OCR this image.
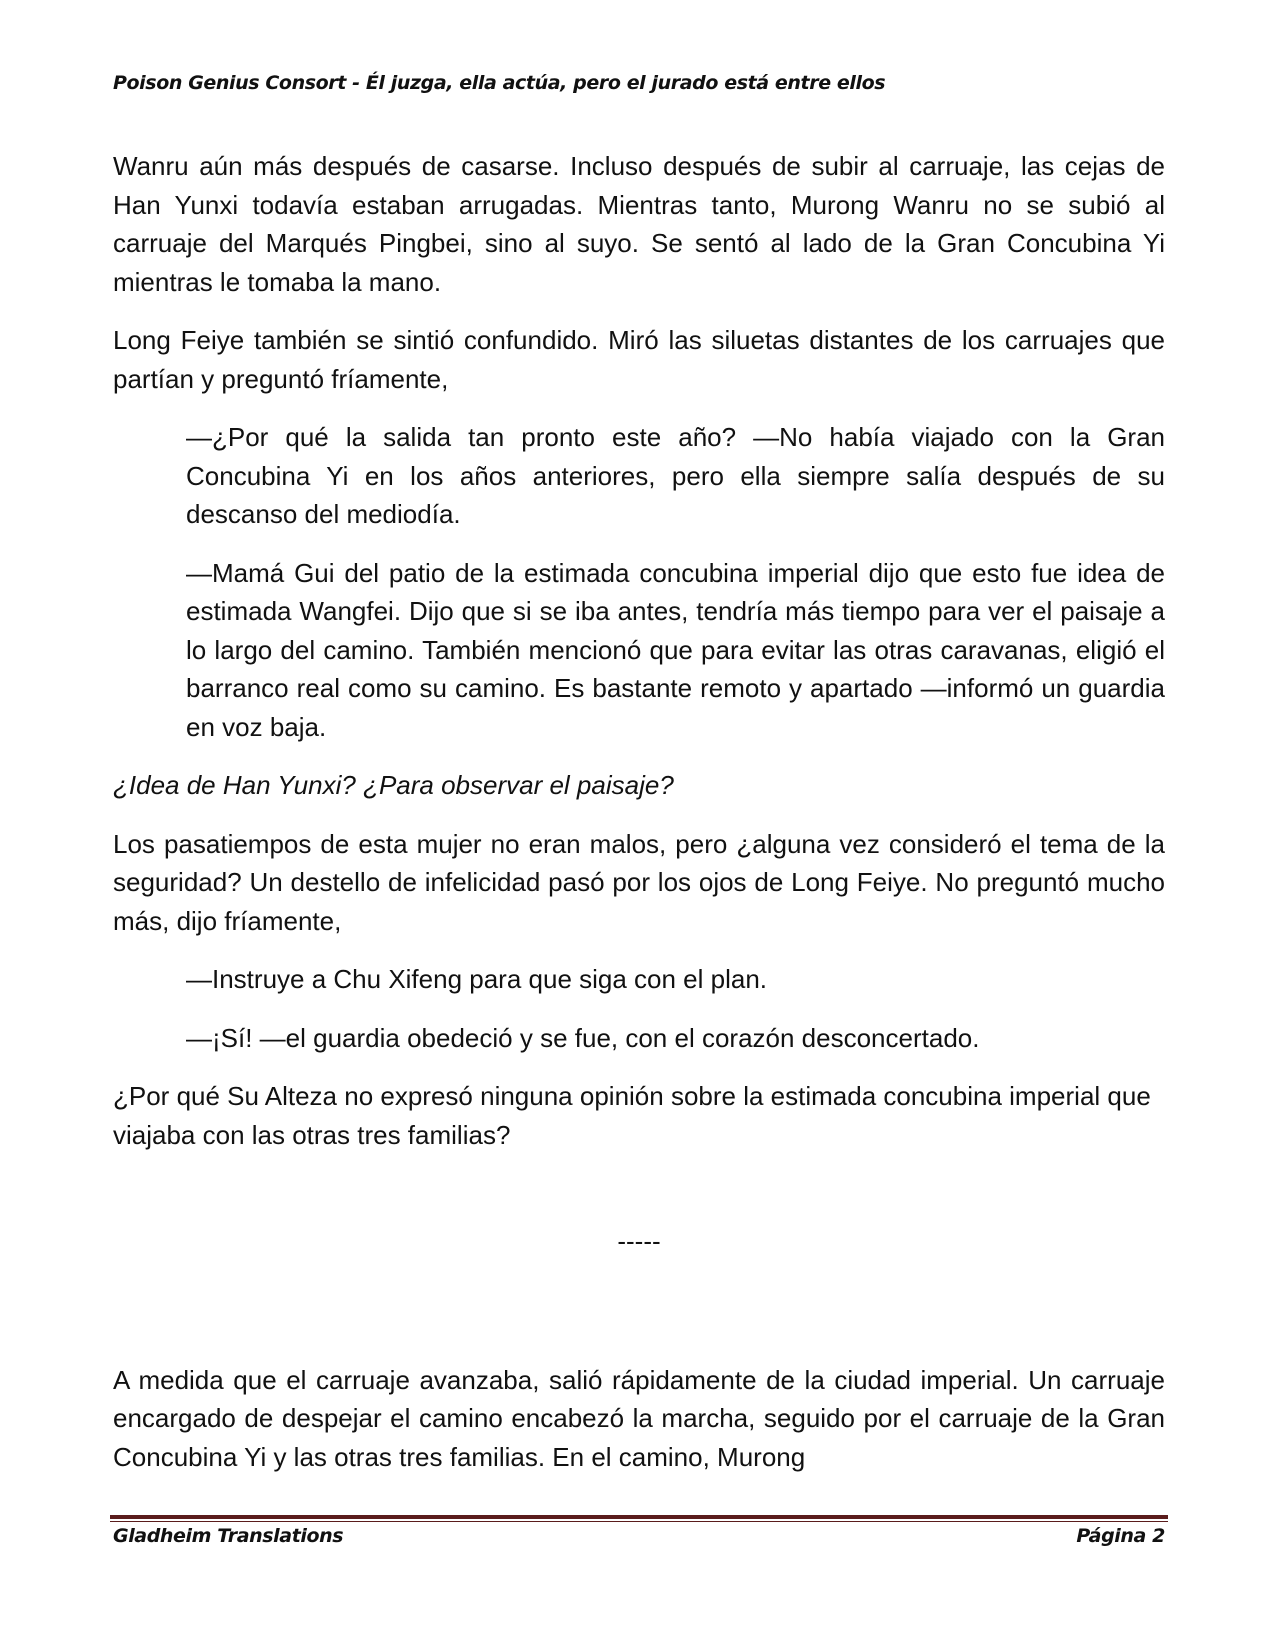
Poison Genius Consort - Él juzga, ella actúa, pero el jurado está entre ellos

Wanru aún más después de casarse. Incluso después de subir al carruaje, las cejas de Han Yunxi todavía estaban arrugadas. Mientras tanto, Murong Wanru no se subió al carruaje del Marqués Pingbei, sino al suyo. Se sentó al lado de la Gran Concubina Yi mientras le tomaba la mano.

Long Feiye también se sintió confundido. Miró las siluetas distantes de los carruajes que partían y preguntó fríamente,

—¿Por qué la salida tan pronto este año? —No había viajado con la Gran Concubina Yi en los años anteriores, pero ella siempre salía después de su descanso del mediodía.

—Mamá Gui del patio de la estimada concubina imperial dijo que esto fue idea de estimada Wangfei. Dijo que si se iba antes, tendría más tiempo para ver el paisaje a lo largo del camino. También mencionó que para evitar las otras caravanas, eligió el barranco real como su camino. Es bastante remoto y apartado —informó un guardia en voz baja.

¿Idea de Han Yunxi? ¿Para observar el paisaje?

Los pasatiempos de esta mujer no eran malos, pero ¿alguna vez consideró el tema de la seguridad? Un destello de infelicidad pasó por los ojos de Long Feiye. No preguntó mucho más, dijo fríamente,

—Instruye a Chu Xifeng para que siga con el plan.

—¡Sí! —el guardia obedeció y se fue, con el corazón desconcertado.

¿Por qué Su Alteza no expresó ninguna opinión sobre la estimada concubina imperial que viajaba con las otras tres familias?

-----

A medida que el carruaje avanzaba, salió rápidamente de la ciudad imperial. Un carruaje encargado de despejar el camino encabezó la marcha, seguido por el carruaje de la Gran Concubina Yi y las otras tres familias. En el camino, Murong

Gladheim Translations	Página 2
